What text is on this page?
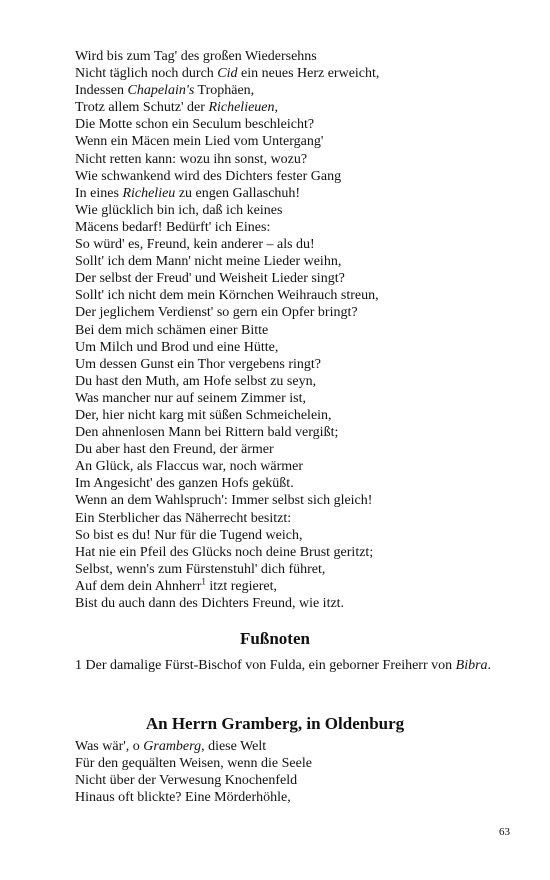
Wird bis zum Tag' des großen Wiedersehns
Nicht täglich noch durch Cid ein neues Herz erweicht,
Indessen Chapelain's Trophäen,
Trotz allem Schutz' der Richelieuen,
Die Motte schon ein Seculum beschleicht?
Wenn ein Mäcen mein Lied vom Untergang'
Nicht retten kann: wozu ihn sonst, wozu?
Wie schwankend wird des Dichters fester Gang
In eines Richelieu zu engen Gallaschuh!
Wie glücklich bin ich, daß ich keines
Mäcens bedarf! Bedürft' ich Eines:
So würd' es, Freund, kein anderer – als du!
Sollt' ich dem Mann' nicht meine Lieder weihn,
Der selbst der Freud' und Weisheit Lieder singt?
Sollt' ich nicht dem mein Körnchen Weihrauch streun,
Der jeglichem Verdienst' so gern ein Opfer bringt?
Bei dem mich schämen einer Bitte
Um Milch und Brod und eine Hütte,
Um dessen Gunst ein Thor vergebens ringt?
Du hast den Muth, am Hofe selbst zu seyn,
Was mancher nur auf seinem Zimmer ist,
Der, hier nicht karg mit süßen Schmeichelein,
Den ahnenlosen Mann bei Rittern bald vergißt;
Du aber hast den Freund, der ärmer
An Glück, als Flaccus war, noch wärmer
Im Angesicht' des ganzen Hofs geküßt.
Wenn an dem Wahlspruch': Immer selbst sich gleich!
Ein Sterblicher das Näherrecht besitzt:
So bist es du! Nur für die Tugend weich,
Hat nie ein Pfeil des Glücks noch deine Brust geritzt;
Selbst, wenn's zum Fürstenstuhl' dich führet,
Auf dem dein Ahnherr$^1$ itzt regieret,
Bist du auch dann des Dichters Freund, wie itzt.
Fußnoten
1 Der damalige Fürst-Bischof von Fulda, ein geborner Freiherr von Bibra.
An Herrn Gramberg, in Oldenburg
Was wär', o Gramberg, diese Welt
Für den gequälten Weisen, wenn die Seele
Nicht über der Verwesung Knochenfeld
Hinaus oft blickte? Eine Mörderhöhle,
63
